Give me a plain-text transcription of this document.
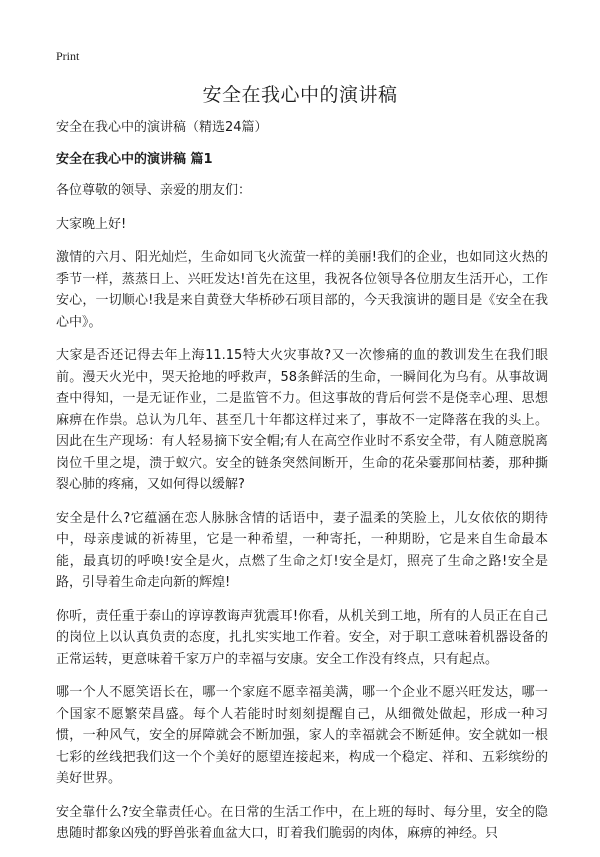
Print
安全在我心中的演讲稿

安全在我心中的演讲稿（精选24篇）

安全在我心中的演讲稿 篇1

各位尊敬的领导、亲爱的朋友们：

大家晚上好!

激情的六月、阳光灿烂，生命如同飞火流萤一样的美丽!我们的企业，也如同这火热的季节一样，蒸蒸日上、兴旺发达!首先在这里，我祝各位领导各位朋友生活开心，工作安心，一切顺心!我是来自黄登大华桥砂石项目部的，今天我演讲的题目是《安全在我心中》。

大家是否还记得去年上海11.15特大火灾事故?又一次惨痛的血的教训发生在我们眼前。漫天火光中，哭天抢地的呼救声，58条鲜活的生命，一瞬间化为乌有。从事故调查中得知，一是无证作业，二是监管不力。但这事故的背后何尝不是侥幸心理、思想麻痹在作祟。总认为几年、甚至几十年都这样过来了，事故不一定降落在我的头上。因此在生产现场：有人轻易摘下安全帽;有人在高空作业时不系安全带，有人随意脱离岗位千里之堤，溃于蚁穴。安全的链条突然间断开，生命的花朵霎那间枯萎，那种撕裂心肺的疼痛，又如何得以缓解?

安全是什么?它蕴涵在恋人脉脉含情的话语中，妻子温柔的笑脸上，儿女依依的期待中，母亲虔诚的祈祷里，它是一种希望，一种寄托，一种期盼，它是来自生命最本能，最真切的呼唤!安全是火，点燃了生命之灯!安全是灯，照亮了生命之路!安全是路，引导着生命走向新的辉煌!

你听，责任重于泰山的谆谆教诲声犹震耳!你看，从机关到工地，所有的人员正在自己的岗位上以认真负责的态度，扎扎实实地工作着。安全，对于职工意味着机器设备的正常运转，更意味着千家万户的幸福与安康。安全工作没有终点，只有起点。

哪一个人不愿笑语长在，哪一个家庭不愿幸福美满，哪一个企业不愿兴旺发达，哪一个国家不愿繁荣昌盛。每个人若能时时刻刻提醒自己，从细微处做起，形成一种习惯，一种风气，安全的屏障就会不断加强，家人的幸福就会不断延伸。安全就如一根七彩的丝线把我们这一个个美好的愿望连接起来，构成一个稳定、祥和、五彩缤纷的美好世界。

安全靠什么?安全靠责任心。在日常的生活工作中，在上班的每时、每分里，安全的隐患随时都象凶残的野兽张着血盆大口，盯着我们脆弱的肉体，麻痹的神经。只
